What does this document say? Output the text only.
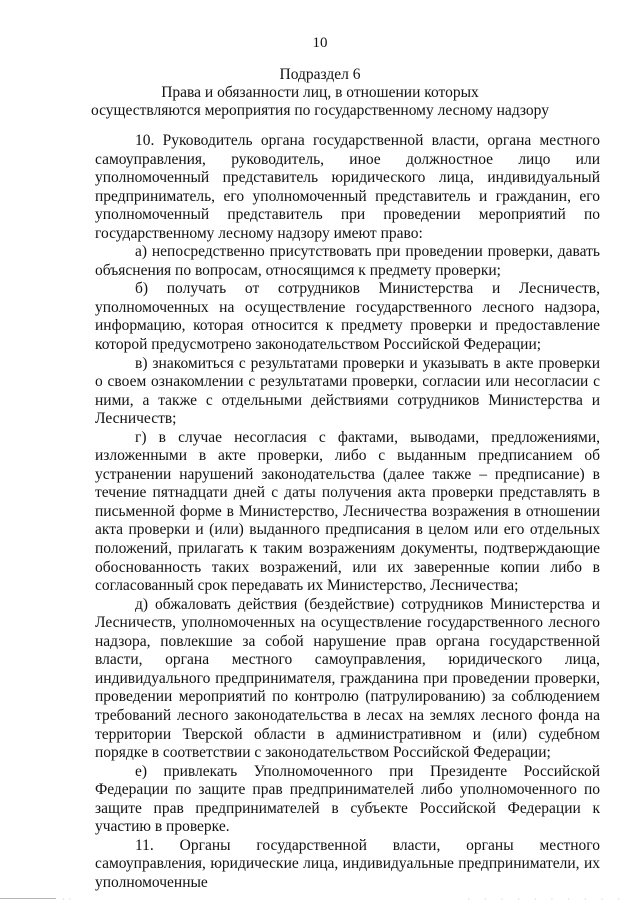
10
Подраздел 6
Права и обязанности лиц, в отношении которых
осуществляются мероприятия по государственному лесному надзору

10. Руководитель органа государственной власти, органа местного самоуправления, руководитель, иное должностное лицо или уполномоченный представитель юридического лица, индивидуальный предприниматель, его уполномоченный представитель и гражданин, его уполномоченный представитель при проведении мероприятий по государственному лесному надзору имеют право:

а) непосредственно присутствовать при проведении проверки, давать объяснения по вопросам, относящимся к предмету проверки;

б) получать от сотрудников Министерства и Лесничеств, уполномоченных на осуществление государственного лесного надзора, информацию, которая относится к предмету проверки и предоставление которой предусмотрено законодательством Российской Федерации;

в) знакомиться с результатами проверки и указывать в акте проверки о своем ознакомлении с результатами проверки, согласии или несогласии с ними, а также с отдельными действиями сотрудников Министерства и Лесничеств;

г) в случае несогласия с фактами, выводами, предложениями, изложенными в акте проверки, либо с выданным предписанием об устранении нарушений законодательства (далее также – предписание) в течение пятнадцати дней с даты получения акта проверки представлять в письменной форме в Министерство, Лесничества возражения в отношении акта проверки и (или) выданного предписания в целом или его отдельных положений, прилагать к таким возражениям документы, подтверждающие обоснованность таких возражений, или их заверенные копии либо в согласованный срок передавать их Министерство, Лесничества;

д) обжаловать действия (бездействие) сотрудников Министерства и Лесничеств, уполномоченных на осуществление государственного лесного надзора, повлекшие за собой нарушение прав органа государственной власти, органа местного самоуправления, юридического лица, индивидуального предпринимателя, гражданина при проведении проверки, проведении мероприятий по контролю (патрулированию) за соблюдением требований лесного законодательства в лесах на землях лесного фонда на территории Тверской области в административном и (или) судебном порядке в соответствии с законодательством Российской Федерации;

е) привлекать Уполномоченного при Президенте Российской Федерации по защите прав предпринимателей либо уполномоченного по защите прав предпринимателей в субъекте Российской Федерации к участию в проверке.

11. Органы государственной власти, органы местного самоуправления, юридические лица, индивидуальные предприниматели, их уполномоченные

· ·	· · · · · · · · · ·
